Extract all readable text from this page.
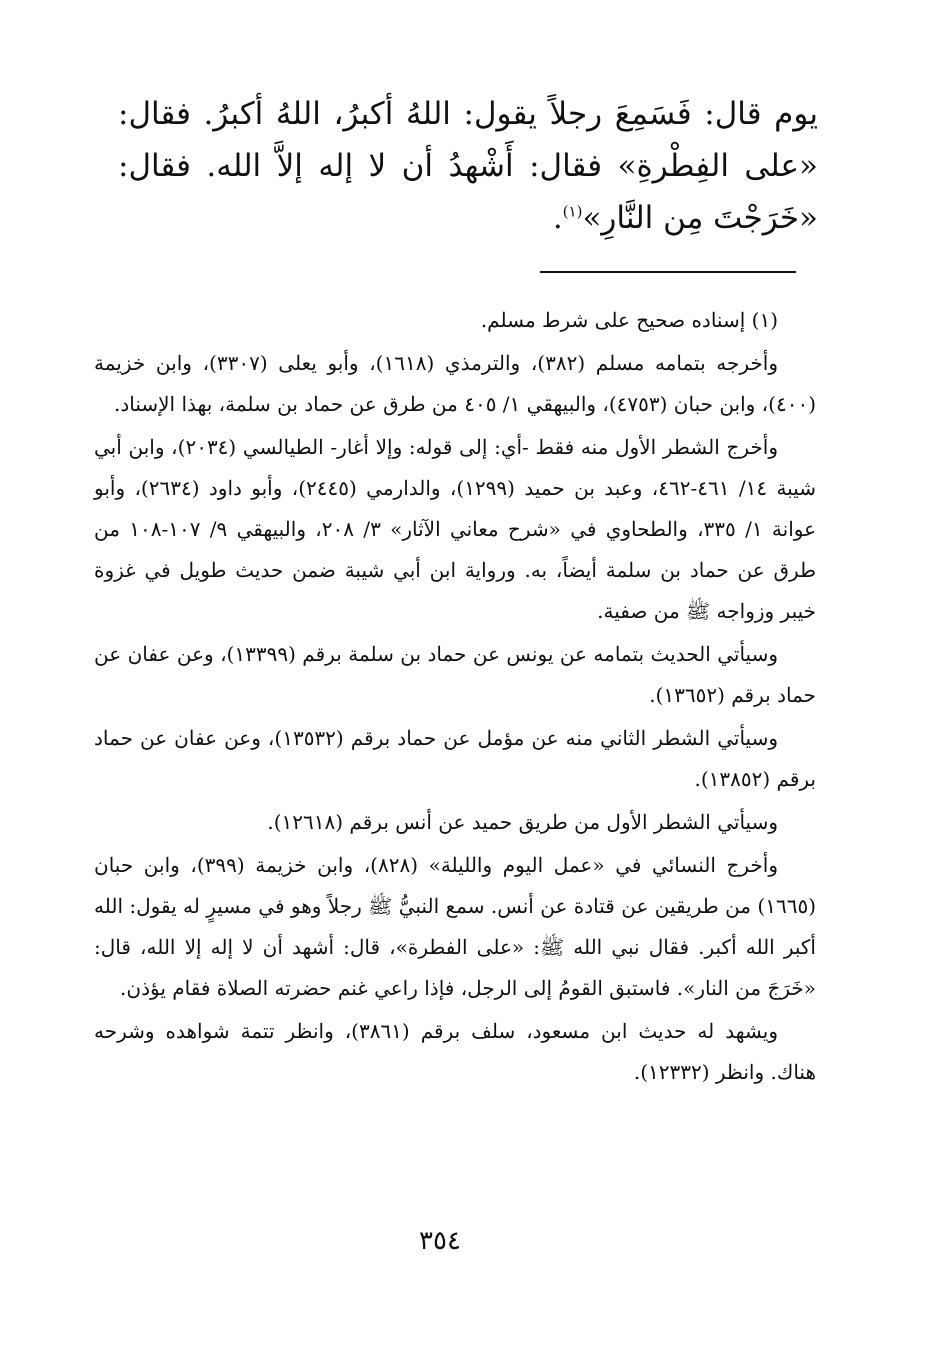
يوم قال: فَسَمِعَ رجلاً يقول: اللهُ أكبرُ، اللهُ أكبرُ. فقال: «على الفِطْرةِ» فقال: أَشْهدُ أن لا إله إلاَّ الله. فقال: «خَرَجْتَ مِن النَّارِ»$^{(١)}$.

(١) إسناده صحيح على شرط مسلم.

وأخرجه بتمامه مسلم (٣٨٢)، والترمذي (١٦١٨)، وأبو يعلى (٣٣٠٧)، وابن خزيمة (٤٠٠)، وابن حبان (٤٧٥٣)، والبيهقي ١/ ٤٠٥ من طرق عن حماد بن سلمة، بهذا الإسناد.

وأخرج الشطر الأول منه فقط -أي: إلى قوله: وإلا أغار- الطيالسي (٢٠٣٤)، وابن أبي شيبة ١٤/ ٤٦١-٤٦٢، وعبد بن حميد (١٢٩٩)، والدارمي (٢٤٤٥)، وأبو داود (٢٦٣٤)، وأبو عوانة ١/ ٣٣٥، والطحاوي في «شرح معاني الآثار» ٣/ ٢٠٨، والبيهقي ٩/ ١٠٧-١٠٨ من طرق عن حماد بن سلمة أيضاً، به. ورواية ابن أبي شيبة ضمن حديث طويل في غزوة خيبر وزواجه ﷺ من صفية.

وسيأتي الحديث بتمامه عن يونس عن حماد بن سلمة برقم (١٣٣٩٩)، وعن عفان عن حماد برقم (١٣٦٥٢).

وسيأتي الشطر الثاني منه عن مؤمل عن حماد برقم (١٣٥٣٢)، وعن عفان عن حماد برقم (١٣٨٥٢).

وسيأتي الشطر الأول من طريق حميد عن أنس برقم (١٢٦١٨).

وأخرج النسائي في «عمل اليوم والليلة» (٨٢٨)، وابن خزيمة (٣٩٩)، وابن حبان (١٦٦٥) من طريقين عن قتادة عن أنس. سمع النبيُّ ﷺ رجلاً وهو في مسيرٍ له يقول: الله أكبر الله أكبر. فقال نبي الله ﷺ: «على الفطرة»، قال: أشهد أن لا إله إلا الله، قال: «خَرَجَ من النار». فاستبق القومُ إلى الرجل، فإذا راعي غنم حضرته الصلاة فقام يؤذن.

ويشهد له حديث ابن مسعود، سلف برقم (٣٨٦١)، وانظر تتمة شواهده وشرحه هناك. وانظر (١٢٣٣٢).

٣٥٤
